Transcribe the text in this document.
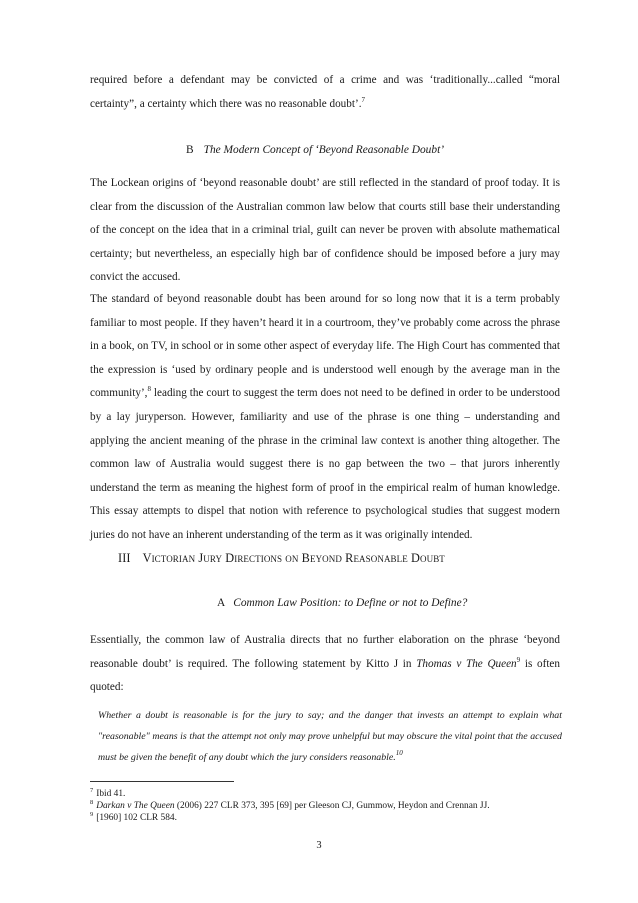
required before a defendant may be convicted of a crime and was ‘traditionally...called “moral certainty”, a certainty which there was no reasonable doubt’.$^7$

B The Modern Concept of ‘Beyond Reasonable Doubt’

The Lockean origins of ‘beyond reasonable doubt’ are still reflected in the standard of proof today. It is clear from the discussion of the Australian common law below that courts still base their understanding of the concept on the idea that in a criminal trial, guilt can never be proven with absolute mathematical certainty; but nevertheless, an especially high bar of confidence should be imposed before a jury may convict the accused.

The standard of beyond reasonable doubt has been around for so long now that it is a term probably familiar to most people. If they haven’t heard it in a courtroom, they’ve probably come across the phrase in a book, on TV, in school or in some other aspect of everyday life. The High Court has commented that the expression is ‘used by ordinary people and is understood well enough by the average man in the community’,$^8$ leading the court to suggest the term does not need to be defined in order to be understood by a lay juryperson. However, familiarity and use of the phrase is one thing – understanding and applying the ancient meaning of the phrase in the criminal law context is another thing altogether. The common law of Australia would suggest there is no gap between the two – that jurors inherently understand the term as meaning the highest form of proof in the empirical realm of human knowledge. This essay attempts to dispel that notion with reference to psychological studies that suggest modern juries do not have an inherent understanding of the term as it was originally intended.

III Victorian Jury Directions on Beyond Reasonable Doubt
A Common Law Position: to Define or not to Define?

Essentially, the common law of Australia directs that no further elaboration on the phrase ‘beyond reasonable doubt’ is required. The following statement by Kitto J in Thomas v The Queen$^9$ is often quoted:

Whether a doubt is reasonable is for the jury to say; and the danger that invests an attempt to explain what "reasonable" means is that the attempt not only may prove unhelpful but may obscure the vital point that the accused must be given the benefit of any doubt which the jury considers reasonable.$^{10}$

$^7$ Ibid 41.

$^8$ Darkan v The Queen (2006) 227 CLR 373, 395 [69] per Gleeson CJ, Gummow, Heydon and Crennan JJ.

$^9$ [1960] 102 CLR 584.

3
